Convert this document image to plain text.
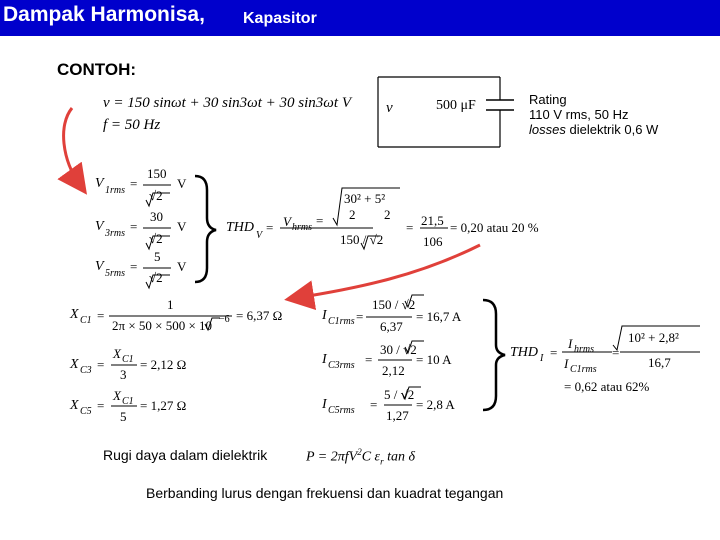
Dampak Harmonisa, Kapasitor
CONTOH:
v = 150 sinωt + 30 sin3ωt + 30 sin3ωt V
f = 50 Hz
v	500 μF	Rating
110 V rms, 50 Hz
losses dielektrik 0,6 W
V 1rms =
150
√2
V
V 3rms =
30
√2
V
V 5rms =
5
√2
V
THD
V
= V hrms =
30² + 5²
2 2
150 / √2
= 21,5
106
= 0,20 atau 20 %
X C1 =
1
2π × 50 × 500 × 10 −6 = 6,37 Ω
X C3 =
X C1
3
= 2,12 Ω
X C5 =
X C1
5
= 1,27 Ω
I C1rms =
150 / √2
6,37
= 16,7 A
I C3rms =
30 / √2
2,12
= 10 A
I C5rms =
5 / √2
1,27
= 2,8 A
THD I =
I hrms
I C1rms
=
10² + 2,8²
16,7
= 0,62 atau 62%
Rugi daya dalam dielektrik	P = 2πfV$^2$C $\varepsilon_r$ tan δ
Berbanding lurus dengan frekuensi dan kuadrat tegangan
